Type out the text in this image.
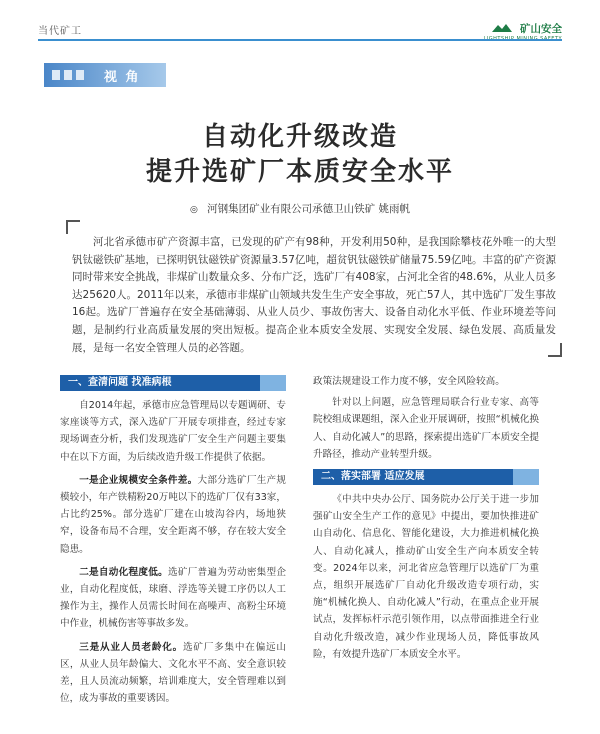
当代矿工	矿山安全
视 角
自动化升级改造
提升选矿厂本质安全水平
◎ 河钢集团矿业有限公司承德卫山铁矿 姚雨帆
河北省承德市矿产资源丰富，已发现的矿产有98种，开发利用50种，是我国除攀枝花外唯一的大型钒钛磁铁矿基地，已探明钒钛磁铁矿资源量3.57亿吨，超贫钒钛磁铁矿储量75.59亿吨。丰富的矿产资源同时带来安全挑战，非煤矿山数量众多、分布广泛，选矿厂有408家，占河北全省的48.6%，从业人员多达25620人。2011年以来，承德市非煤矿山领域共发生生产安全事故，死亡57人，其中选矿厂发生事故16起。选矿厂普遍存在安全基础薄弱、从业人员少、事故伤害大、设备自动化水平低、作业环境差等问题，是制约行业高质量发展的突出短板。提高企业本质安全发展、实现安全发展、绿色发展、高质量发展，是每一名安全管理人员的必答题。
一、查清问题 找准病根

自2014年起，承德市应急管理局以专题调研、专家座谈等方式，深入选矿厂开展专项排查，经过专家现场调查分析，我们发现选矿厂安全生产问题主要集中在以下方面，为后续改造升级工作提供了依据。

一是企业规模安全条件差。大部分选矿厂生产规模较小，年产铁精粉20万吨以下的选矿厂仅有33家，占比约25%。部分选矿厂建在山坡沟谷内，场地狭窄，设备布局不合理，安全距离不够，存在较大安全隐患。

二是自动化程度低。选矿厂普遍为劳动密集型企业，自动化程度低，球磨、浮选等关键工序仍以人工操作为主，操作人员需长时间在高噪声、高粉尘环境中作业，机械伤害等事故多发。

三是从业人员老龄化。选矿厂多集中在偏远山区，从业人员年龄偏大、文化水平不高、安全意识较差，且人员流动频繁，培训难度大，安全管理难以到位，成为事故的重要诱因。

政策法规建设工作力度不够，安全风险较高。

针对以上问题，应急管理局联合行业专家、高等院校组成课题组，深入企业开展调研，按照“机械化换人、自动化减人”的思路，探索提出选矿厂本质安全提升路径，推动产业转型升级。

二、落实部署 适应发展

《中共中央办公厅、国务院办公厅关于进一步加强矿山安全生产工作的意见》中提出，要加快推进矿山自动化、信息化、智能化建设，大力推进机械化换人、自动化减人，推动矿山安全生产向本质安全转变。2024年以来，河北省应急管理厅以选矿厂为重点，组织开展选矿厂自动化升级改造专项行动，实施“机械化换人、自动化减人”行动，在重点企业开展试点，发挥标杆示范引领作用，以点带面推进全行业自动化升级改造，减少作业现场人员，降低事故风险，有效提升选矿厂本质安全水平。
